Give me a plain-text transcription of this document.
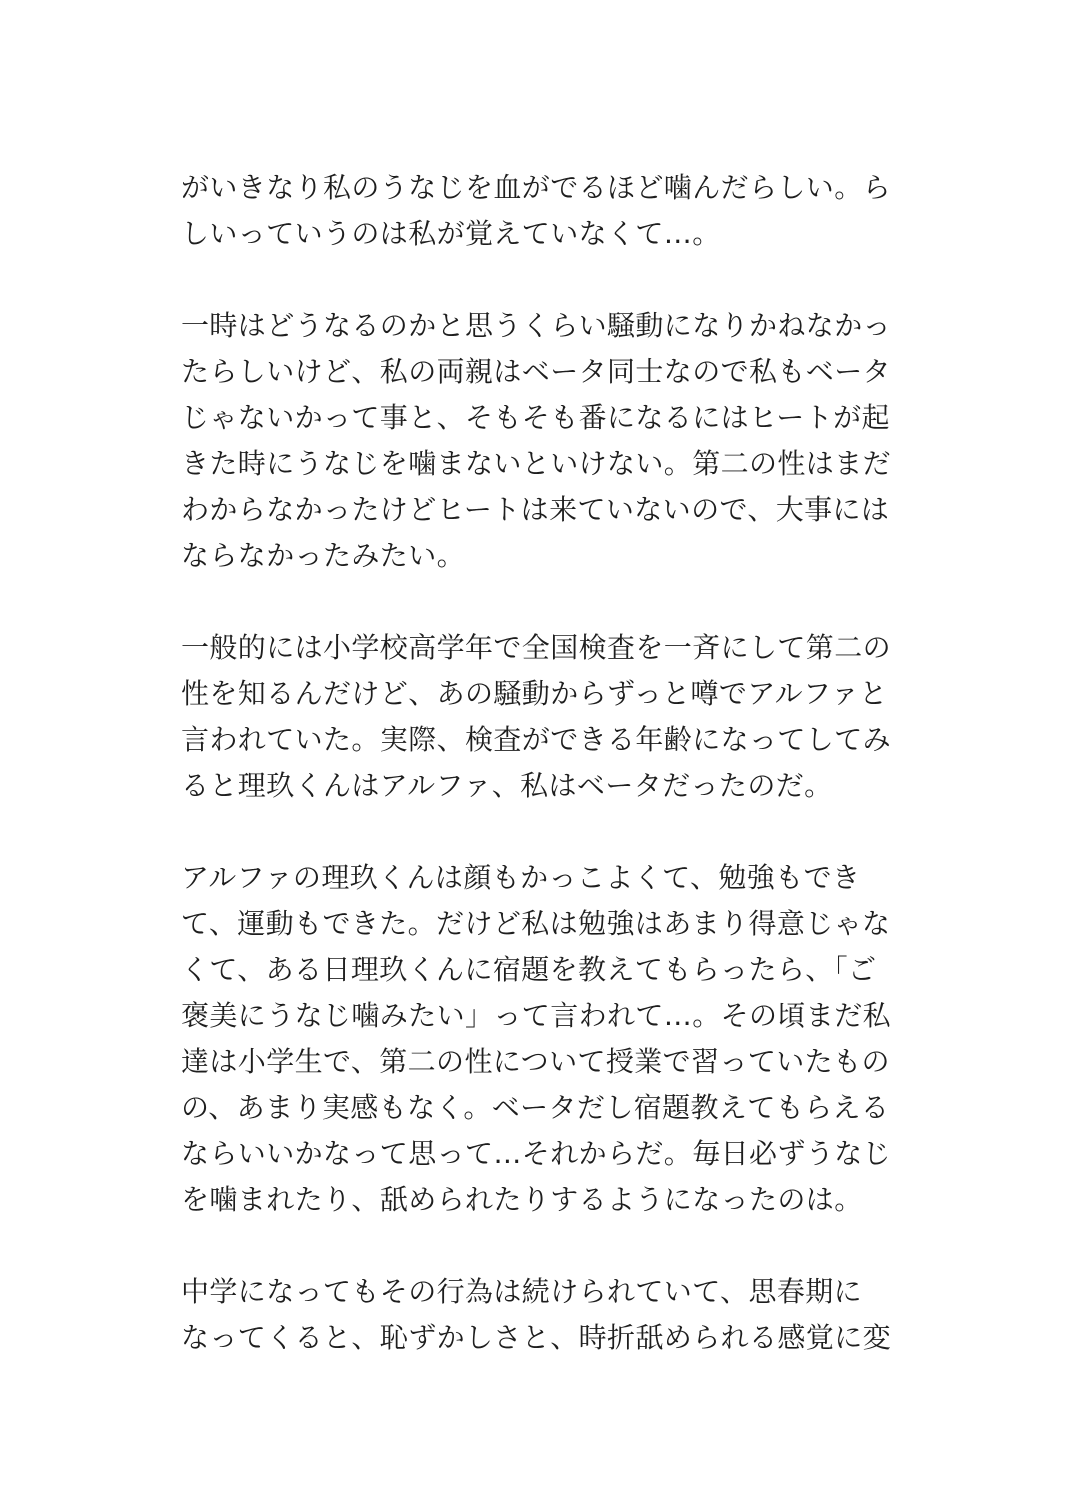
がいきなり私のうなじを血がでるほど噛んだらしい。ら
しいっていうのは私が覚えていなくて…。

一時はどうなるのかと思うくらい騒動になりかねなかっ
たらしいけど、私の両親はベータ同士なので私もベータ
じゃないかって事と、そもそも番になるにはヒートが起
きた時にうなじを噛まないといけない。第二の性はまだ
わからなかったけどヒートは来ていないので、大事には
ならなかったみたい。

一般的には小学校高学年で全国検査を一斉にして第二の
性を知るんだけど、あの騒動からずっと噂でアルファと
言われていた。実際、検査ができる年齢になってしてみ
ると理玖くんはアルファ、私はベータだったのだ。

アルファの理玖くんは顔もかっこよくて、勉強もでき
て、運動もできた。だけど私は勉強はあまり得意じゃな
くて、ある日理玖くんに宿題を教えてもらったら、「ご
褒美にうなじ噛みたい」って言われて…。その頃まだ私
達は小学生で、第二の性について授業で習っていたもの
の、あまり実感もなく。ベータだし宿題教えてもらえる
ならいいかなって思って…それからだ。毎日必ずうなじ
を噛まれたり、舐められたりするようになったのは。

中学になってもその行為は続けられていて、思春期に
なってくると、恥ずかしさと、時折舐められる感覚に変
